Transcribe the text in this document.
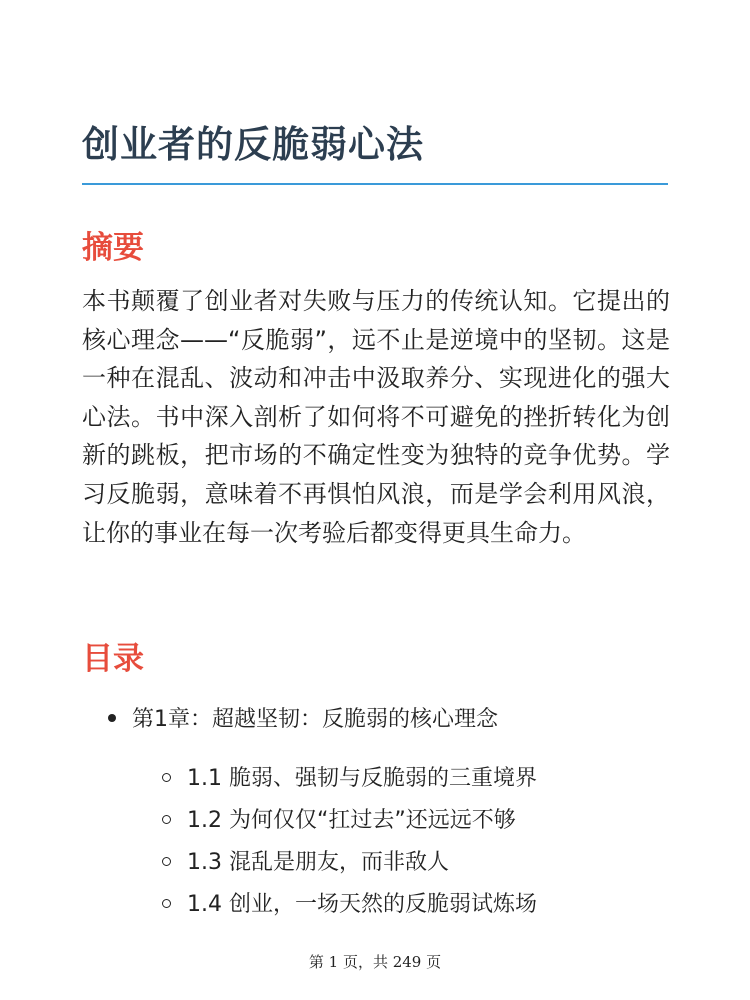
创业者的反脆弱心法
摘要

本书颠覆了创业者对失败与压力的传统认知。它提出的核心理念——“反脆弱”，远不止是逆境中的坚韧。这是一种在混乱、波动和冲击中汲取养分、实现进化的强大心法。书中深入剖析了如何将不可避免的挫折转化为创新的跳板，把市场的不确定性变为独特的竞争优势。学习反脆弱，意味着不再惧怕风浪，而是学会利用风浪，让你的事业在每一次考验后都变得更具生命力。

目录
第1章：超越坚韧：反脆弱的核心理念
1.1 脆弱、强韧与反脆弱的三重境界
1.2 为何仅仅“扛过去”还远远不够
1.3 混乱是朋友，而非敌人
1.4 创业，一场天然的反脆弱试炼场
第 1 页，共 249 页
